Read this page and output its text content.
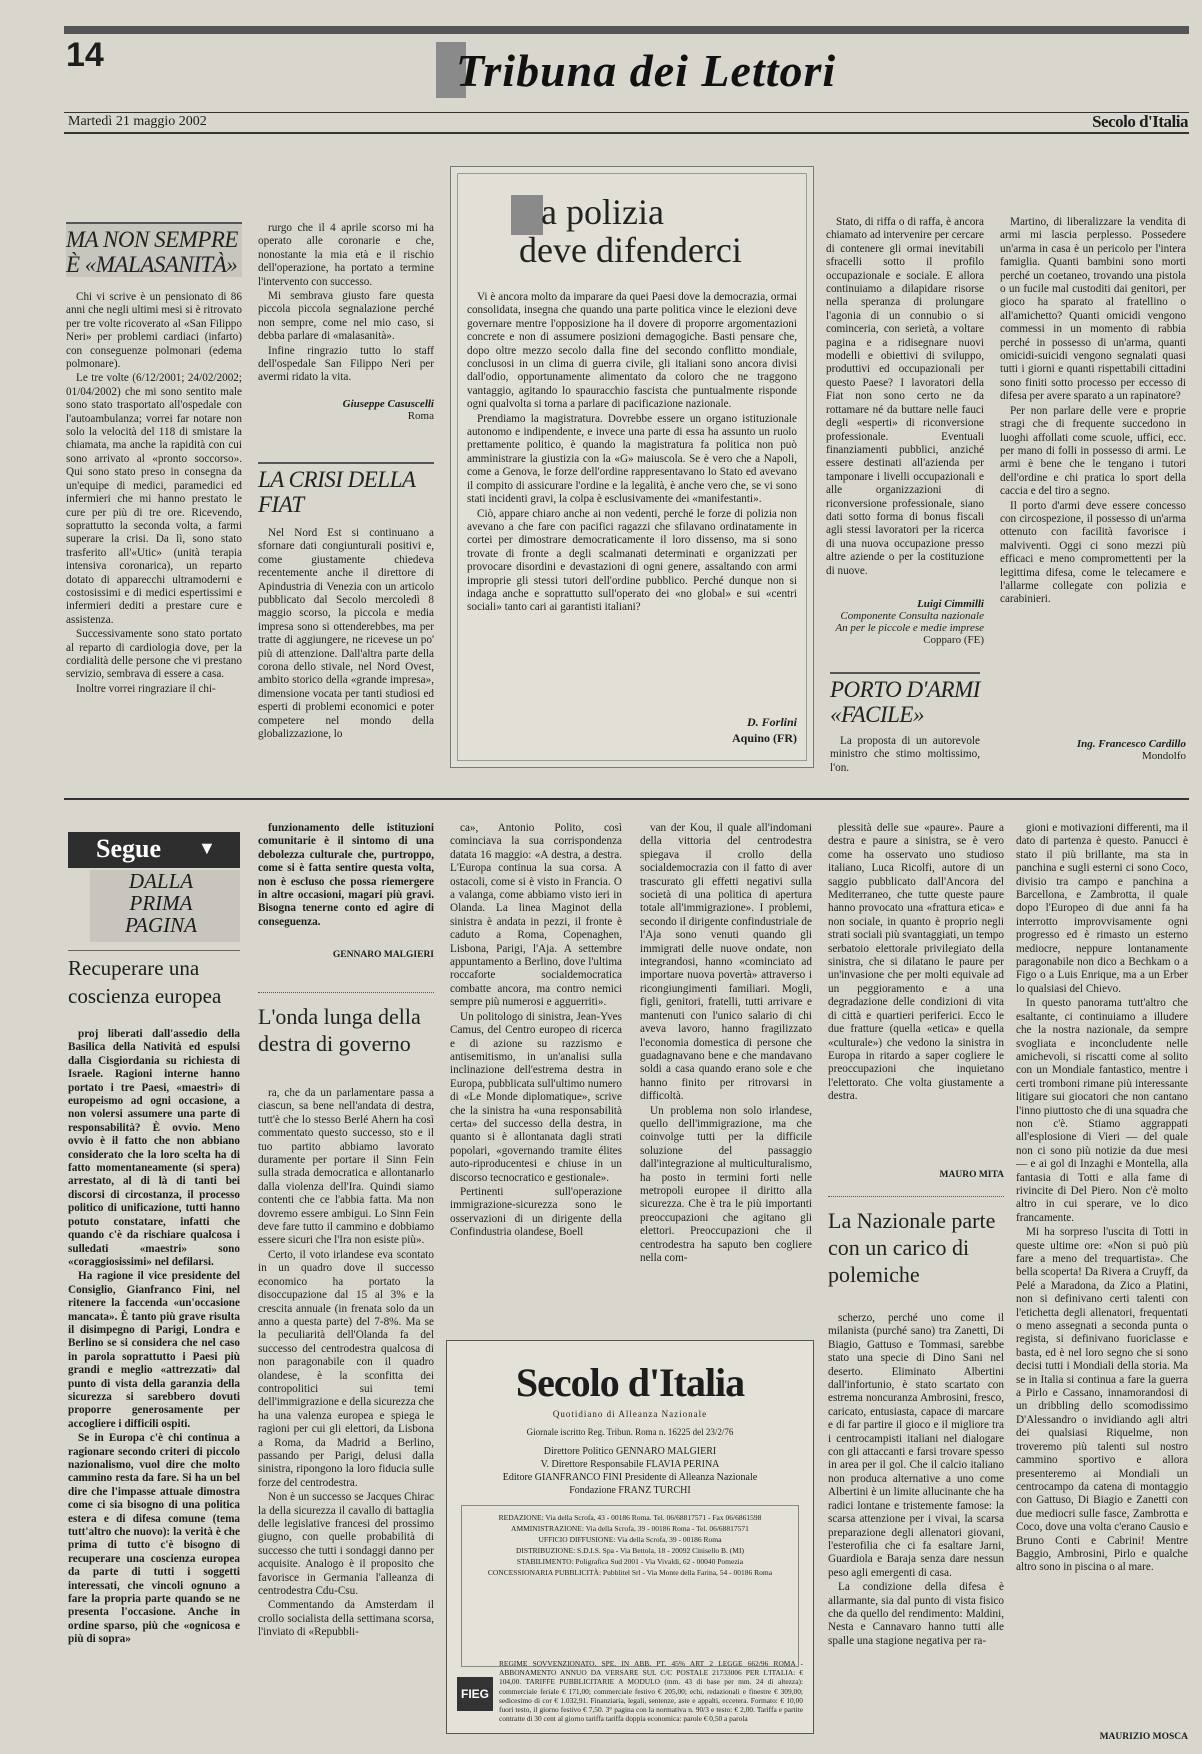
14	Tribuna dei Lettori
Martedì 21 maggio 2002	Secolo d'Italia
MA NON SEMPRE È «MALASANITÀ»

Chi vi scrive è un pensionato di 86 anni che negli ultimi mesi si è ritrovato per tre volte ricoverato al «San Filippo Neri» per problemi cardiaci (infarto) con conseguenze polmonari (edema polmonare).

Le tre volte (6/12/2001; 24/02/2002; 01/04/2002) che mi sono sentito male sono stato trasportato all'ospedale con l'autoambulanza; vorrei far notare non solo la velocità del 118 di smistare la chiamata, ma anche la rapidità con cui sono arrivato al «pronto soccorso». Qui sono stato preso in consegna da un'equipe di medici, paramedici ed infermieri che mi hanno prestato le cure per più di tre ore. Ricevendo, soprattutto la seconda volta, a farmi superare la crisi. Da lì, sono stato trasferito all'«Utic» (unità terapia intensiva coronarica), un reparto dotato di apparecchi ultramoderni e costosissimi e di medici espertissimi e infermieri dediti a prestare cure e assistenza.

Successivamente sono stato portato al reparto di cardiologia dove, per la cordialità delle persone che vi prestano servizio, sembrava di essere a casa.

Inoltre vorrei ringraziare il chi-

rurgo che il 4 aprile scorso mi ha operato alle coronarie e che, nonostante la mia età e il rischio dell'operazione, ha portato a termine l'intervento con successo.

Mi sembrava giusto fare questa piccola piccola segnalazione perché non sempre, come nel mio caso, si debba parlare di «malasanità».

Infine ringrazio tutto lo staff dell'ospedale San Filippo Neri per avermi ridato la vita.

Giuseppe Casuscelli
Roma
LA CRISI DELLA FIAT

Nel Nord Est si continuano a sfornare dati congiunturali positivi e, come giustamente chiedeva recentemente anche il direttore di Apindustria di Venezia con un articolo pubblicato dal Secolo mercoledì 8 maggio scorso, la piccola e media impresa sono si ottenderebbes, ma per tratte di aggiungere, ne ricevese un po' più di attenzione. Dall'altra parte della corona dello stivale, nel Nord Ovest, ambito storico della «grande impresa», dimensione vocata per tanti studiosi ed esperti di problemi economici e poter competere nel mondo della globalizzazione, lo

Stato, di riffa o di raffa, è ancora chiamato ad intervenire per cercare di contenere gli ormai inevitabili sfracelli sotto il profilo occupazionale e sociale. E allora continuiamo a dilapidare risorse nella speranza di prolungare l'agonia di un connubio o si cominceria, con serietà, a voltare pagina e a ridisegnare nuovi modelli e obiettivi di sviluppo, produttivi ed occupazionali per questo Paese? I lavoratori della Fiat non sono certo ne da rottamare né da buttare nelle fauci degli «esperti» di riconversione professionale. Eventuali finanziamenti pubblici, anziché essere destinati all'azienda per tamponare i livelli occupazionali e alle organizzazioni di riconversione professionale, siano dati sotto forma di bonus fiscali agli stessi lavoratori per la ricerca di una nuova occupazione presso altre aziende o per la costituzione di nuove.

Luigi Cimmilli
Componente Consulta nazionale An per le piccole e medie imprese
Copparo (FE)
a polizia
deve difenderci

Vi è ancora molto da imparare da quei Paesi dove la democrazia, ormai consolidata, insegna che quando una parte politica vince le elezioni deve governare mentre l'opposizione ha il dovere di proporre argomentazioni concrete e non di assumere posizioni demagogiche. Basti pensare che, dopo oltre mezzo secolo dalla fine del secondo conflitto mondiale, conclusosi in un clima di guerra civile, gli italiani sono ancora divisi dall'odio, opportunamente alimentato da coloro che ne traggono vantaggio, agitando lo spauracchio fascista che puntualmente risponde ogni qualvolta si torna a parlare di pacificazione nazionale.

Prendiamo la magistratura. Dovrebbe essere un organo istituzionale autonomo e indipendente, e invece una parte di essa ha assunto un ruolo prettamente politico, è quando la magistratura fa politica non può amministrare la giustizia con la «G» maiuscola. Se è vero che a Napoli, come a Genova, le forze dell'ordine rappresentavano lo Stato ed avevano il compito di assicurare l'ordine e la legalità, è anche vero che, se vi sono stati incidenti gravi, la colpa è esclusivamente dei «manifestanti».

Ciò, appare chiaro anche ai non vedenti, perché le forze di polizia non avevano a che fare con pacifici ragazzi che sfilavano ordinatamente in cortei per dimostrare democraticamente il loro dissenso, ma si sono trovate di fronte a degli scalmanati determinati e organizzati per provocare disordini e devastazioni di ogni genere, assaltando con armi improprie gli stessi tutori dell'ordine pubblico. Perché dunque non si indaga anche e soprattutto sull'operato dei «no global» e sui «centri sociali» tanto cari ai garantisti italiani?

D. Forlini
Aquino (FR)
PORTO D'ARMI «FACILE»

La proposta di un autorevole ministro che stimo moltissimo, l'on.

Martino, di liberalizzare la vendita di armi mi lascia perplesso. Possedere un'arma in casa è un pericolo per l'intera famiglia. Quanti bambini sono morti perché un coetaneo, trovando una pistola o un fucile mal custoditi dai genitori, per gioco ha sparato al fratellino o all'amichetto? Quanti omicidi vengono commessi in un momento di rabbia perché in possesso di un'arma, quanti omicidi-suicidi vengono segnalati quasi tutti i giorni e quanti rispettabili cittadini sono finiti sotto processo per eccesso di difesa per avere sparato a un rapinatore?

Per non parlare delle vere e proprie stragi che di frequente succedono in luoghi affollati come scuole, uffici, ecc. per mano di folli in possesso di armi. Le armi è bene che le tengano i tutori dell'ordine e chi pratica lo sport della caccia e del tiro a segno.

Il porto d'armi deve essere concesso con circospezione, il possesso di un'arma ottenuto con facilità favorisce i malviventi. Oggi ci sono mezzi più efficaci e meno compromettenti per la legittima difesa, come le telecamere e l'allarme collegate con polizia e carabinieri.

Ing. Francesco Cardillo
Mondolfo
Segue ▼
DALLA PRIMA PAGINA
Recuperare una coscienza europea

proj liberati dall'assedio della Basilica della Natività ed espulsi dalla Cisgiordania su richiesta di Israele. Ragioni interne hanno portato i tre Paesi, «maestri» di europeismo ad ogni occasione, a non volersi assumere una parte di responsabilità? È ovvio. Meno ovvio è il fatto che non abbiano considerato che la loro scelta ha di fatto momentaneamente (si spera) arrestato, al di là di tanti bei discorsi di circostanza, il processo politico di unificazione, tutti hanno potuto constatare, infatti che quando c'è da rischiare qualcosa i sulledati «maestri» sono «coraggiosissimi» nel defilarsi.

Ha ragione il vice presidente del Consiglio, Gianfranco Fini, nel ritenere la faccenda «un'occasione mancata». È tanto più grave risulta il disimpegno di Parigi, Londra e Berlino se si considera che nel caso in parola soprattutto i Paesi più grandi e meglio «attrezzati» dal punto di vista della garanzia della sicurezza si sarebbero dovuti proporre generosamente per accogliere i difficili ospiti.

Se in Europa c'è chi continua a ragionare secondo criteri di piccolo nazionalismo, vuol dire che molto cammino resta da fare. Si ha un bel dire che l'impasse attuale dimostra come ci sia bisogno di una politica estera e di difesa comune (tema tutt'altro che nuovo): la verità è che prima di tutto c'è bisogno di recuperare una coscienza europea da parte di tutti i soggetti interessati, che vincoli ognuno a fare la propria parte quando se ne presenta l'occasione. Anche in ordine sparso, più che «ognicosa e più di sopra»

funzionamento delle istituzioni comunitarie è il sintomo di una debolezza culturale che, purtroppo, come si è fatta sentire questa volta, non è escluso che possa riemergere in altre occasioni, magari più gravi. Bisogna tenerne conto ed agire di conseguenza.

GENNARO MALGIERI
L'onda lunga della destra di governo

ra, che da un parlamentare passa a ciascun, sa bene nell'andata di destra, tutt'è che lo stesso Berlé Ahern ha così commentato questo successo, sto e il tuo partito abbiamo lavorato duramente per portare il Sinn Fein sulla strada democratica e allontanarlo dalla violenza dell'Ira. Quindi siamo contenti che ce l'abbia fatta. Ma non dovremo essere ambigui. Lo Sinn Fein deve fare tutto il cammino e dobbiamo essere sicuri che l'Ira non esiste più».

Certo, il voto irlandese eva scontato in un quadro dove il successo economico ha portato la disoccupazione dal 15 al 3% e la crescita annuale (in frenata solo da un anno a questa parte) del 7-8%. Ma se la peculiarità dell'Olanda fa del successo del centrodestra qualcosa di non paragonabile con il quadro olandese, è la sconfitta dei contropolitici sui temi dell'immigrazione e della sicurezza che ha una valenza europea e spiega le ragioni per cui gli elettori, da Lisbona a Roma, da Madrid a Berlino, passando per Parigi, delusi dalla sinistra, ripongono la loro fiducia sulle forze del centrodestra.

Non è un successo se Jacques Chirac la della sicurezza il cavallo di battaglia delle legislative francesi del prossimo giugno, con quelle probabilità di successo che tutti i sondaggi danno per acquisite. Analogo è il proposito che favorisce in Germania l'alleanza di centrodestra Cdu-Csu.

Commentando da Amsterdam il crollo socialista della settimana scorsa, l'inviato di «Repubbli-

ca», Antonio Polito, così cominciava la sua corrispondenza datata 16 maggio: «A destra, a destra. L'Europa continua la sua corsa. A ostacoli, come si è visto in Francia. O a valanga, come abbiamo visto ieri in Olanda. La linea Maginot della sinistra è andata in pezzi, il fronte è caduto a Roma, Copenaghen, Lisbona, Parigi, l'Aja. A settembre appuntamento a Berlino, dove l'ultima roccaforte socialdemocratica combatte ancora, ma contro nemici sempre più numerosi e agguerriti».

Un politologo di sinistra, Jean-Yves Camus, del Centro europeo di ricerca e di azione su razzismo e antisemitismo, in un'analisi sulla inclinazione dell'estrema destra in Europa, pubblicata sull'ultimo numero di «Le Monde diplomatique», scrive che la sinistra ha «una responsabilità certa» del successo della destra, in quanto si è allontanata dagli strati popolari, «governando tramite élites auto-riproducentesi e chiuse in un discorso tecnocratico e gestionale».

Pertinenti sull'operazione immigrazione-sicurezza sono le osservazioni di un dirigente della Confindustria olandese, Boell

van der Kou, il quale all'indomani della vittoria del centrodestra spiegava il crollo della socialdemocrazia con il fatto di aver trascurato gli effetti negativi sulla società di una politica di apertura totale all'immigrazione». I problemi, secondo il dirigente confindustriale de l'Aja sono venuti quando gli immigrati delle nuove ondate, non integrandosi, hanno «cominciato ad importare nuova povertà» attraverso i ricongiungimenti familiari. Mogli, figli, genitori, fratelli, tutti arrivare e mantenuti con l'unico salario di chi aveva lavoro, hanno fragilizzato l'economia domestica di persone che guadagnavano bene e che mandavano soldi a casa quando erano sole e che hanno finito per ritrovarsi in difficoltà.

Un problema non solo irlandese, quello dell'immigrazione, ma che coinvolge tutti per la difficile soluzione del passaggio dall'integrazione al multiculturalismo, ha posto in termini forti nelle metropoli europee il diritto alla sicurezza. Che è tra le più importanti preoccupazioni che agitano gli elettori. Preoccupazioni che il centrodestra ha saputo ben cogliere nella com-

plessità delle sue «paure». Paure a destra e paure a sinistra, se è vero come ha osservato uno studioso italiano, Luca Ricolfi, autore di un saggio pubblicato dall'Ancora del Mediterraneo, che tutte queste paure hanno provocato una «frattura etica» e non sociale, in quanto è proprio negli strati sociali più svantaggiati, un tempo serbatoio elettorale privilegiato della sinistra, che si dilatano le paure per un'invasione che per molti equivale ad un peggioramento e a una degradazione delle condizioni di vita di città e quartieri periferici. Ecco le due fratture (quella «etica» e quella «culturale») che vedono la sinistra in Europa in ritardo a saper cogliere le preoccupazioni che inquietano l'elettorato. Che volta giustamente a destra.

MAURO MITA
La Nazionale parte con un carico di polemiche

scherzo, perché uno come il milanista (purché sano) tra Zanetti, Di Biagio, Gattuso e Tommasi, sarebbe stato una specie di Dino Sani nel deserto. Eliminato Albertini dall'infortunio, è stato scartato con estrema noncuranza Ambrosini, fresco, caricato, entusiasta, capace di marcare e di far partire il gioco e il migliore tra i centrocampisti italiani nel dialogare con gli attaccanti e farsi trovare spesso in area per il gol. Che il calcio italiano non produca alternative a uno come Albertini è un limite allucinante che ha radici lontane e tristemente famose: la scarsa attenzione per i vivai, la scarsa preparazione degli allenatori giovani, l'esterofilia che ci fa esaltare Jarni, Guardiola e Baraja senza dare nessun peso agli emergenti di casa.

La condizione della difesa è allarmante, sia dal punto di vista fisico che da quello del rendimento: Maldini, Nesta e Cannavaro hanno tutti alle spalle una stagione negativa per ra-

gioni e motivazioni differenti, ma il dato di partenza è questo. Panucci è stato il più brillante, ma sta in panchina e sugli esterni ci sono Coco, divisio tra campo e panchina a Barcellona, e Zambrotta, il quale dopo l'Europeo di due anni fa ha interrotto improvvisamente ogni progresso ed è rimasto un esterno mediocre, neppure lontanamente paragonabile non dico a Bechkam o a Figo o a Luis Enrique, ma a un Erber lo qualsiasi del Chievo.

In questo panorama tutt'altro che esaltante, ci continuiamo a illudere che la nostra nazionale, da sempre svogliata e inconcludente nelle amichevoli, si riscatti come al solito con un Mondiale fantastico, mentre i certi tromboni rimane più interessante litigare sui giocatori che non cantano l'inno piuttosto che di una squadra che non c'è. Stiamo aggrappati all'esplosione di Vieri — del quale non ci sono più notizie da due mesi — e ai gol di Inzaghi e Montella, alla fantasia di Totti e alla fame di rivincite di Del Piero. Non c'è molto altro in cui sperare, ve lo dico francamente.

Mi ha sorpreso l'uscita di Totti in queste ultime ore: «Non si può più fare a meno del trequartista». Che bella scoperta! Da Rivera a Cruyff, da Pelé a Maradona, da Zico a Platini, non si definivano certi talenti con l'etichetta degli allenatori, frequentati o meno assegnati a seconda punta o regista, si definivano fuoriclasse e basta, ed è nel loro segno che si sono decisi tutti i Mondiali della storia. Ma se in Italia si continua a fare la guerra a Pirlo e Cassano, innamorandosi di un dribbling dello scomodissimo D'Alessandro o invidiando agli altri dei qualsiasi Riquelme, non troveremo più talenti sul nostro cammino sportivo e allora presenteremo ai Mondiali un centrocampo da catena di montaggio con Gattuso, Di Biagio e Zanetti con due mediocri sulle fasce, Zambrotta e Coco, dove una volta c'erano Causio e Bruno Conti e Cabrini! Mentre Baggio, Ambrosini, Pirlo e qualche altro sono in piscina o al mare.

MAURIZIO MOSCA
Secolo d'Italia
Quotidiano di Alleanza Nazionale
Giornale iscritto Reg. Tribun. Roma n. 16225 del 23/2/76
Direttore Politico GENNARO MALGIERI
V. Direttore Responsabile FLAVIA PERINA
Editore GIANFRANCO FINI Presidente di Alleanza Nazionale
Fondazione FRANZ TURCHI
REDAZIONE: Via della Scrofa, 43 - 00186 Roma. Tel. 06/68817571 - Fax 06/6861598
AMMINISTRAZIONE: Via della Scrofa, 39 - 00186 Roma - Tel. 06/68817571
UFFICIO DIFFUSIONE: Via della Scrofa, 39 - 00186 Roma
DISTRIBUZIONE: S.D.I.S. Spa - Via Bettola, 18 - 20092 Cinisello B. (MI)
STABILIMENTO: Poligrafica Sud 2001 - Via Vivaldi, 62 - 00040 Pomezia
CONCESSIONARIA PUBBLICITÀ: Pubblitel Srl - Via Monte della Farina, 54 - 00186 Roma
FIEG
REGIME SOVVENZIONATO. SPE. IN ABB. PT. 45% ART 2 LEGGE 662/96 ROMA - ABBONAMENTO ANNUO DA VERSARE SUL C/C POSTALE 21733006 PER L'ITALIA: € 104,00. TARIFFE PUBBLICITARIE A MODULO (mm. 43 di base per mm. 24 di altezza): commerciale feriale € 171,00; commerciale festivo € 205,00; echi, redazionali e finestre € 309,00; sedicesimo di cor € 1.032,91. Finanziaria, legali, sentenze, aste e appalti, eccetera. Formato: € 10,00 fuori testo, il giorno festivo € 7,50. 3° pagina con la normativa n. 90/3 e testo: € 2,00. Tariffa e partite contratte di 30 cent al giorno tariffa tariffa doppia economica: parole € 0,50 a parola
